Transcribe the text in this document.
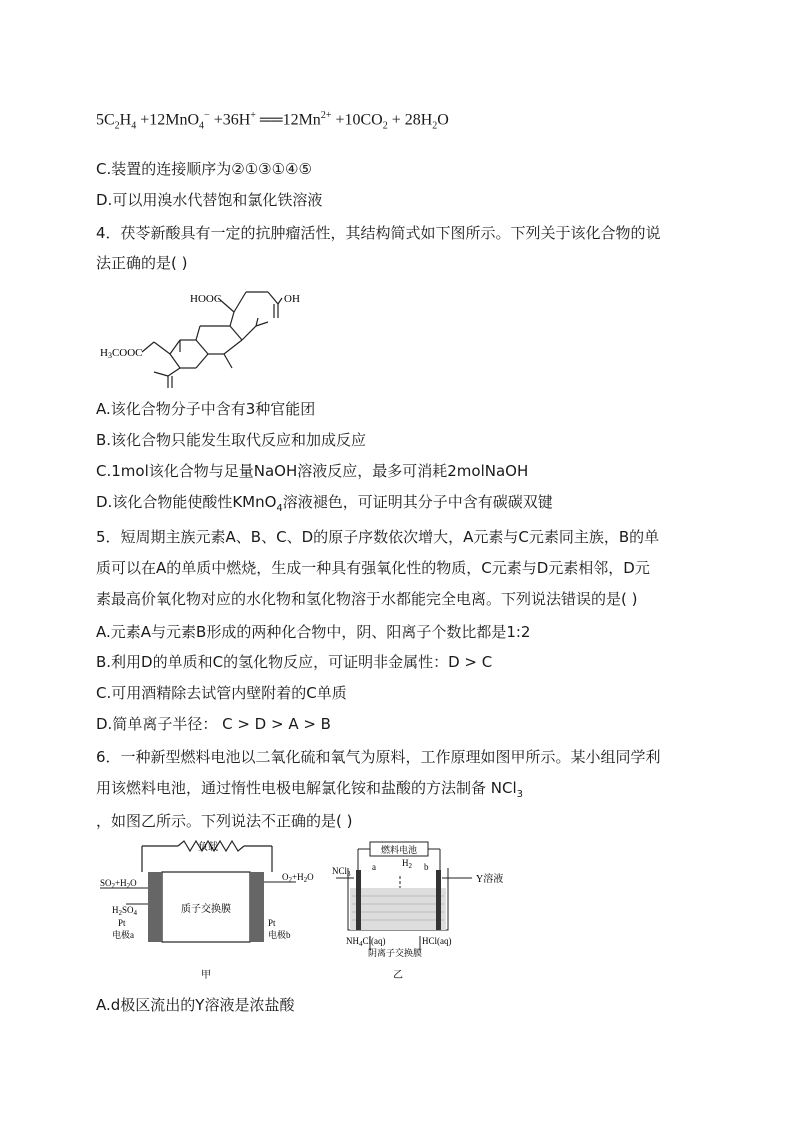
$5C_2H_4 +12MnO_4^- +36H^+$ $══12Mn^{2+} +10CO_2 + 28H_2O$
C.装置的连接顺序为②①③①④⑤
D.可以用溴水代替饱和氯化铁溶液
4．茯苓新酸具有一定的抗肿瘤活性，其结构简式如下图所示。下列关于该化合物的说
法正确的是( )
HOOC	OH
H3COOC
A.该化合物分子中含有3种官能团
B.该化合物只能发生取代反应和加成反应
C.1mol该化合物与足量NaOH溶液反应，最多可消耗2molNaOH
D.该化合物能使酸性KMnO$_4$溶液褪色，可证明其分子中含有碳碳双键
5．短周期主族元素A、B、C、D的原子序数依次增大，A元素与C元素同主族，B的单
质可以在A的单质中燃烧，生成一种具有强氧化性的物质，C元素与D元素相邻，D元
素最高价氧化物对应的水化物和氢化物溶于水都能完全电离。下列说法错误的是( )
A.元素A与元素B形成的两种化合物中，阴、阳离子个数比都是1:2
B.利用D的单质和C的氢化物反应，可证明非金属性：D > C
C.可用酒精除去试管内壁附着的C单质
D.简单离子半径： C > D > A > B
6．一种新型燃料电池以二氧化硫和氧气为原料，工作原理如图甲所示。某小组同学利
用该燃料电池，通过惰性电极电解氯化铵和盐酸的方法制备 NCl$_3$
，如图乙所示。下列说法不正确的是( )
负载
$SO_2+H_2O$
$H_2SO_4$
Pt
电极a
质子交换膜
$O_2+H_2O$
Pt
电极b
甲
燃料电池
NCl$_3$
a	$H_2$ b
Y溶液
$NH_4Cl(aq)$	HCl(aq)
阴离子交换膜
乙
A.d极区流出的Y溶液是浓盐酸
